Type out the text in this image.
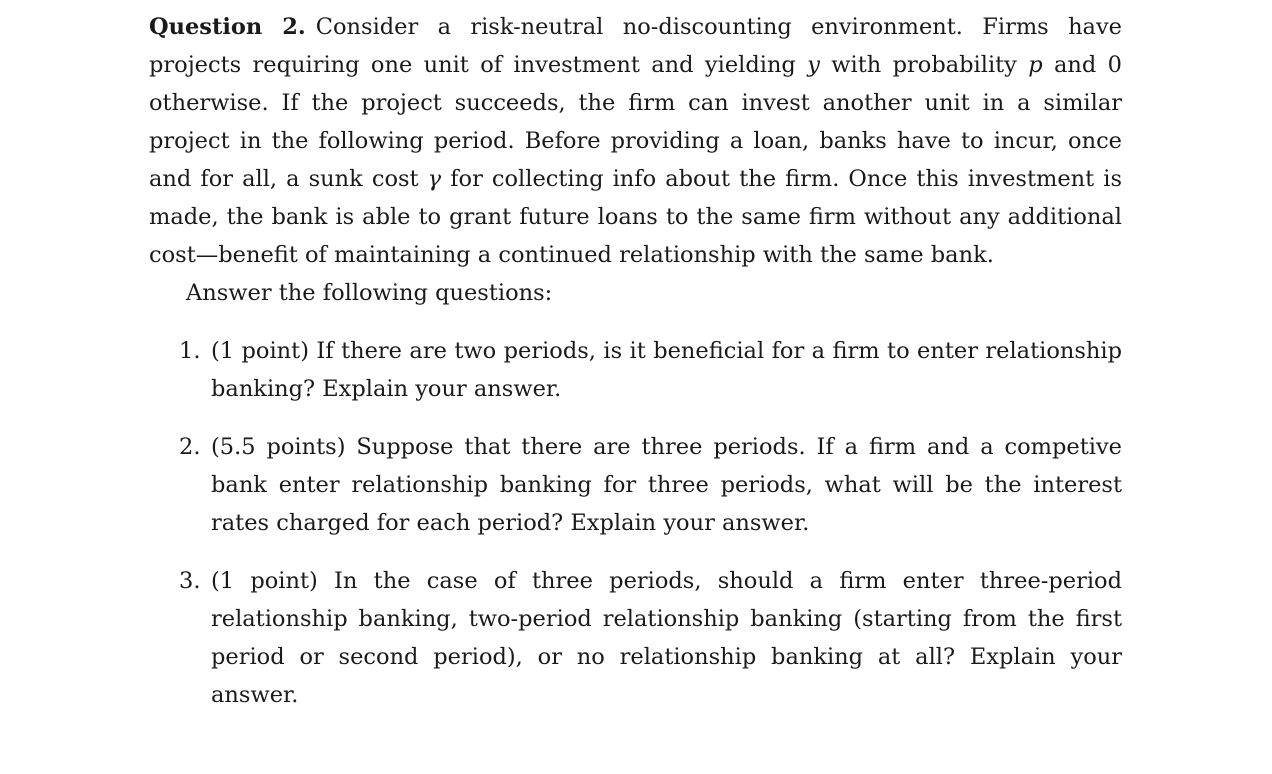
Question 2. Consider a risk-neutral no-discounting environment. Firms have projects requiring one unit of investment and yielding y with probability p and 0 otherwise. If the project succeeds, the firm can invest another unit in a similar project in the following period. Before providing a loan, banks have to incur, once and for all, a sunk cost γ for collecting info about the firm. Once this investment is made, the bank is able to grant future loans to the same firm without any additional cost—benefit of maintaining a continued relationship with the same bank.

Answer the following questions:

1. (1 point) If there are two periods, is it beneficial for a firm to enter relationship banking? Explain your answer.
2. (5.5 points) Suppose that there are three periods. If a firm and a competive bank enter relationship banking for three periods, what will be the interest rates charged for each period? Explain your answer.
3. (1 point) In the case of three periods, should a firm enter three-period relationship banking, two-period relationship banking (starting from the first period or second period), or no relationship banking at all? Explain your answer.
